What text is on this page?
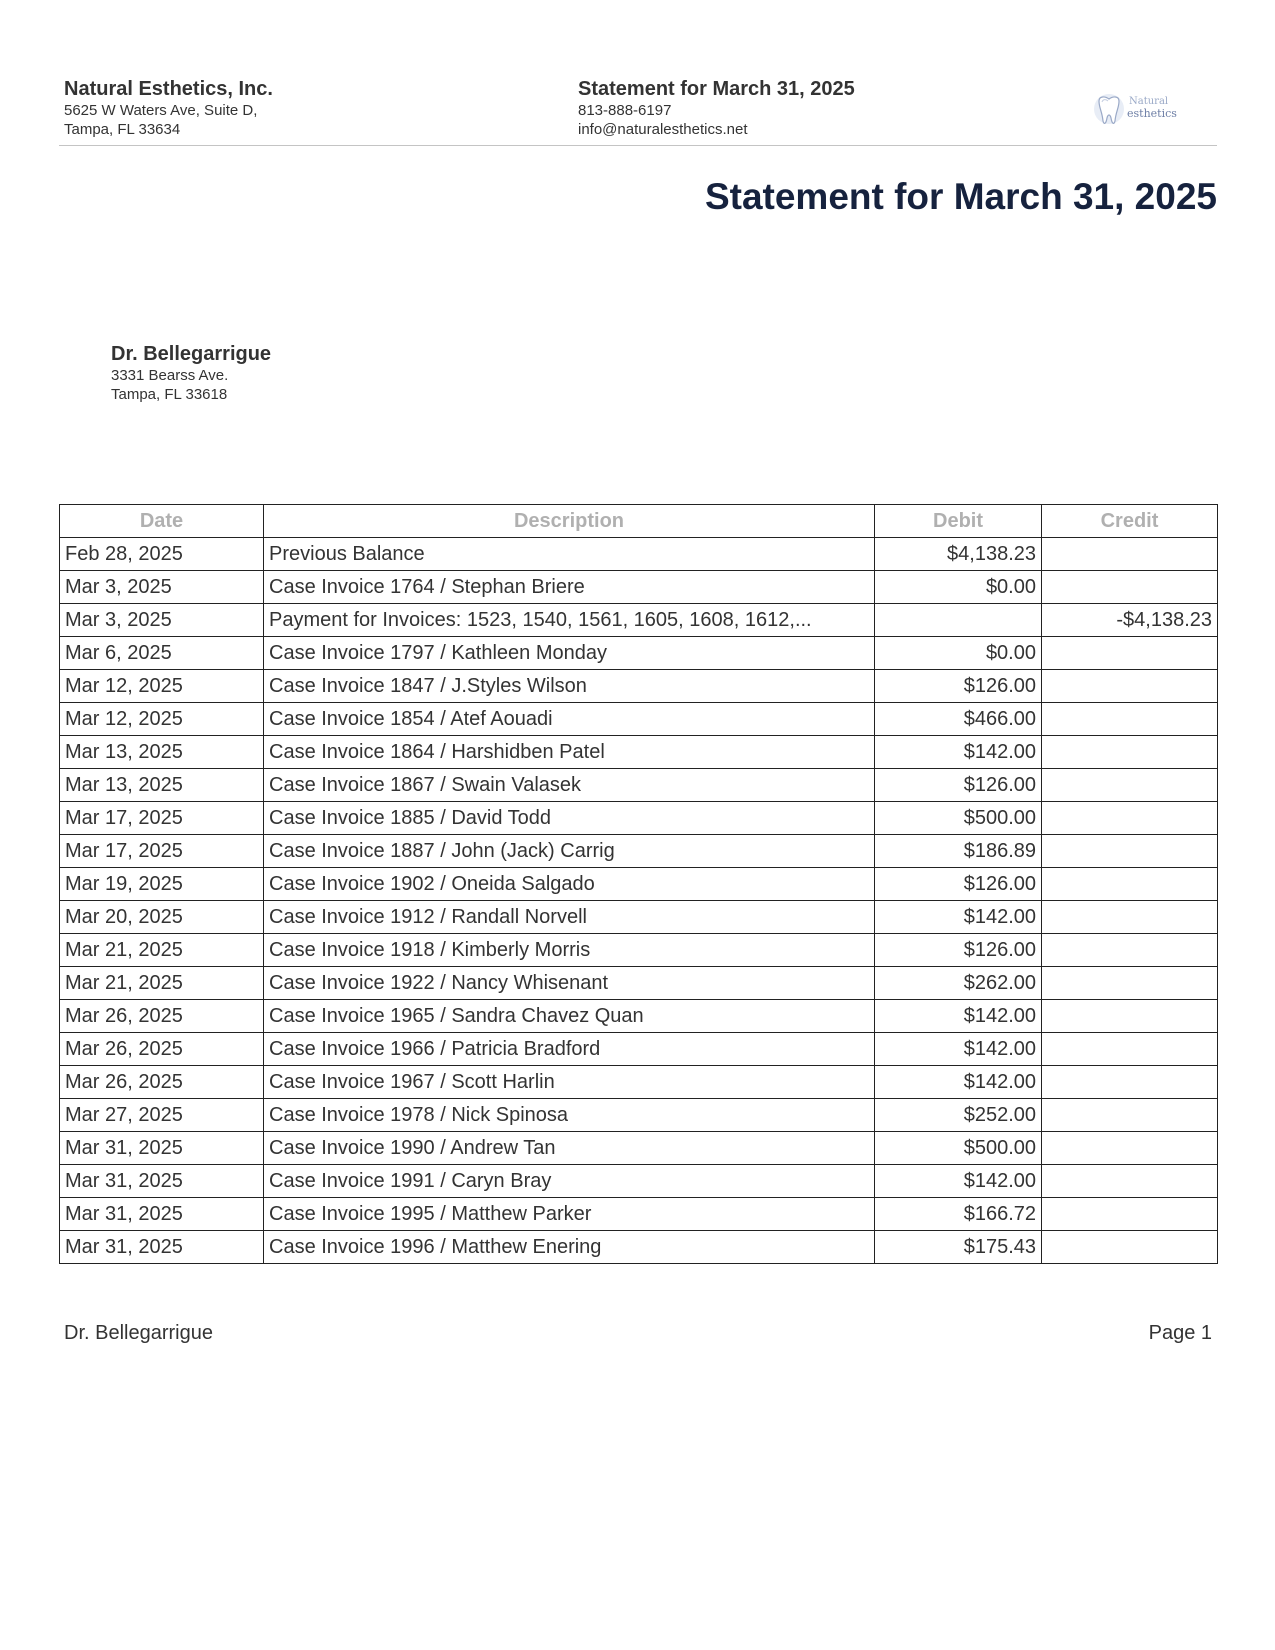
Natural Esthetics, Inc.
5625 W Waters Ave, Suite D,
Tampa, FL 33634
Statement for March 31, 2025
813-888-6197
info@naturalesthetics.net
Natural
esthetics
Statement for March 31, 2025
Dr. Bellegarrigue
3331 Bearss Ave.
Tampa, FL 33618
Date	Description	Debit	Credit
Feb 28, 2025	Previous Balance	$4,138.23	
Mar 3, 2025	Case Invoice 1764 / Stephan Briere	$0.00	
Mar 3, 2025	Payment for Invoices: 1523, 1540, 1561, 1605, 1608, 1612,...		-$4,138.23
Mar 6, 2025	Case Invoice 1797 / Kathleen Monday	$0.00	
Mar 12, 2025	Case Invoice 1847 / J.Styles Wilson	$126.00	
Mar 12, 2025	Case Invoice 1854 / Atef Aouadi	$466.00	
Mar 13, 2025	Case Invoice 1864 / Harshidben Patel	$142.00	
Mar 13, 2025	Case Invoice 1867 / Swain Valasek	$126.00	
Mar 17, 2025	Case Invoice 1885 / David Todd	$500.00	
Mar 17, 2025	Case Invoice 1887 / John (Jack) Carrig	$186.89	
Mar 19, 2025	Case Invoice 1902 / Oneida Salgado	$126.00	
Mar 20, 2025	Case Invoice 1912 / Randall Norvell	$142.00	
Mar 21, 2025	Case Invoice 1918 / Kimberly Morris	$126.00	
Mar 21, 2025	Case Invoice 1922 / Nancy Whisenant	$262.00	
Mar 26, 2025	Case Invoice 1965 / Sandra Chavez Quan	$142.00	
Mar 26, 2025	Case Invoice 1966 / Patricia Bradford	$142.00	
Mar 26, 2025	Case Invoice 1967 / Scott Harlin	$142.00	
Mar 27, 2025	Case Invoice 1978 / Nick Spinosa	$252.00	
Mar 31, 2025	Case Invoice 1990 / Andrew Tan	$500.00	
Mar 31, 2025	Case Invoice 1991 / Caryn Bray	$142.00	
Mar 31, 2025	Case Invoice 1995 / Matthew Parker	$166.72	
Mar 31, 2025	Case Invoice 1996 / Matthew Enering	$175.43	
Dr. Bellegarrigue	Page 1
